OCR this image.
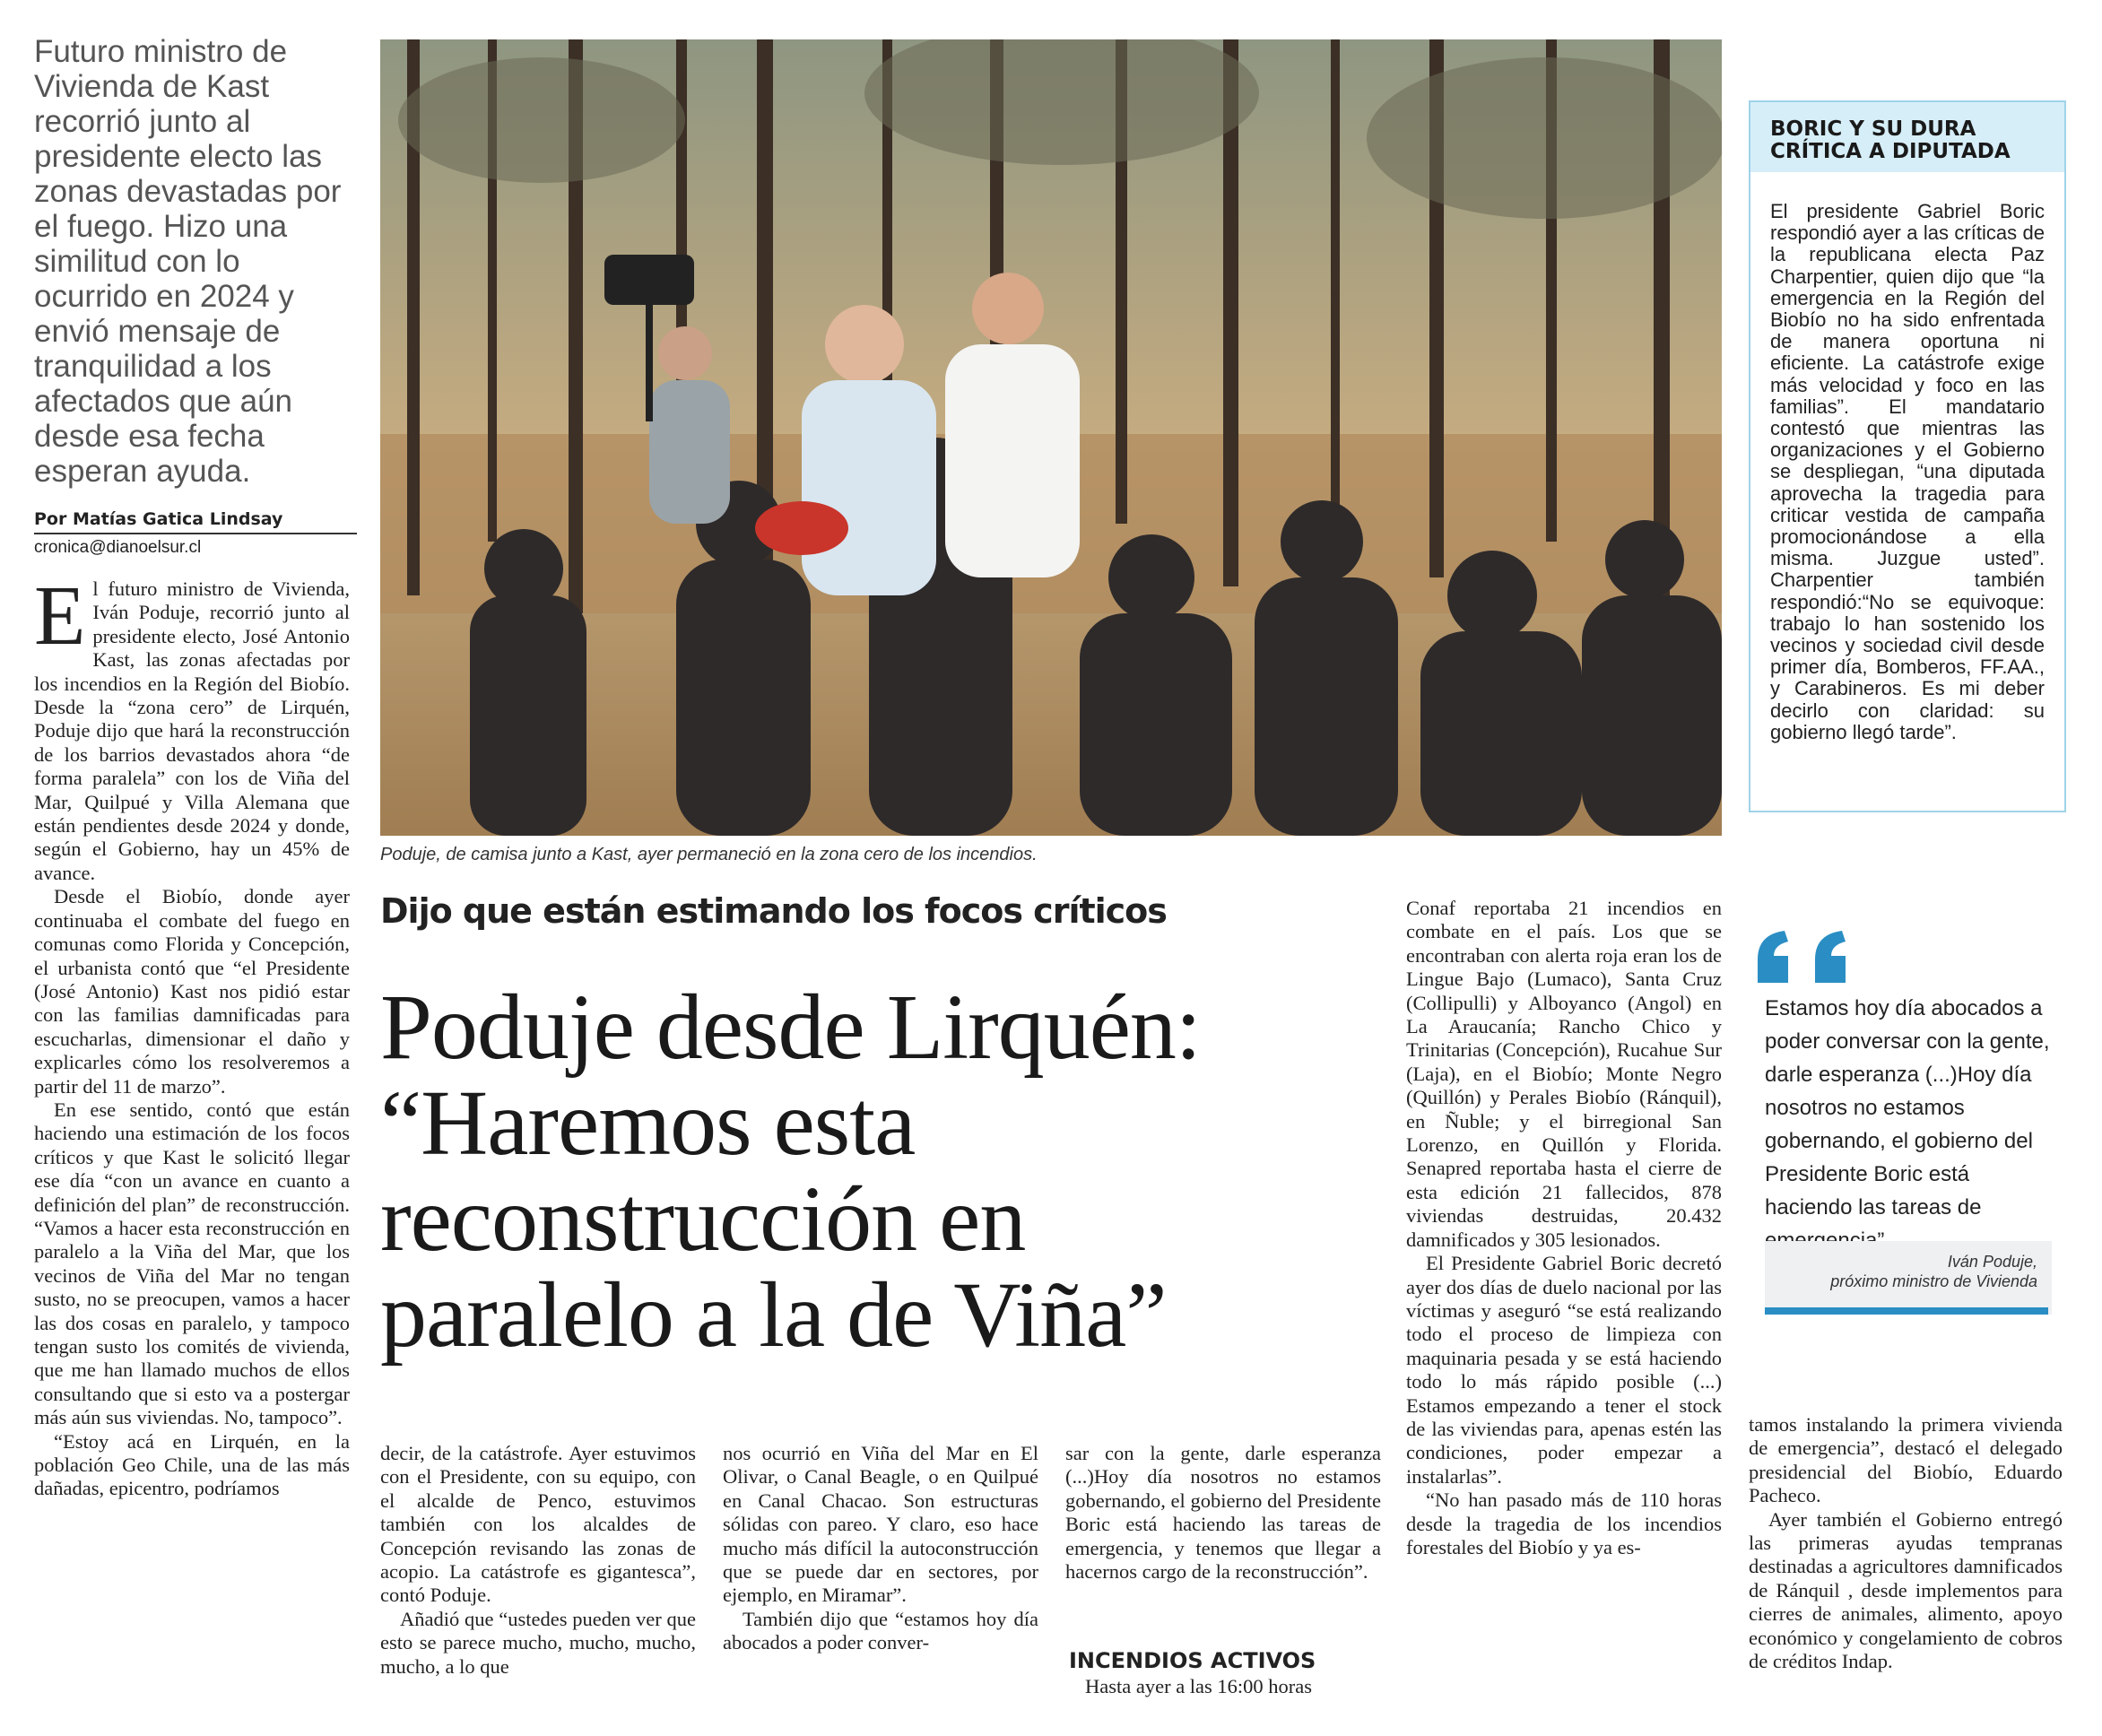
Futuro ministro de Vivienda de Kast recorrió junto al presidente electo las zonas devastadas por el fuego. Hizo una similitud con lo ocurrido en 2024 y envió mensaje de tranquilidad a los afectados que aún desde esa fecha esperan ayuda.
Por Matías Gatica Lindsay
cronica@dianoelsur.cl

El futuro ministro de Vivienda, Iván Poduje, recorrió junto al presidente electo, José Antonio Kast, las zonas afectadas por los incendios en la Región del Biobío. Desde la “zona cero” de Lirquén, Poduje dijo que hará la reconstrucción de los barrios devastados ahora “de forma paralela” con los de Viña del Mar, Quilpué y Villa Alemana que están pendientes desde 2024 y donde, según el Gobierno, hay un 45% de avance.

Desde el Biobío, donde ayer continuaba el combate del fuego en comunas como Florida y Concepción, el urbanista contó que “el Presidente (José Antonio) Kast nos pidió estar con las familias damnificadas para escucharlas, dimensionar el daño y explicarles cómo los resolveremos a partir del 11 de marzo”.

En ese sentido, contó que están haciendo una estimación de los focos críticos y que Kast le solicitó llegar ese día “con un avance en cuanto a definición del plan” de reconstrucción. “Vamos a hacer esta reconstrucción en paralelo a la Viña del Mar, que los vecinos de Viña del Mar no tengan susto, no se preocupen, vamos a hacer las dos cosas en paralelo, y tampoco tengan susto los comités de vivienda, que me han llamado muchos de ellos consultando que si esto va a postergar más aún sus viviendas. No, tampoco”.

“Estoy acá en Lirquén, en la población Geo Chile, una de las más dañadas, epicentro, podríamos

Poduje, de camisa junto a Kast, ayer permaneció en la zona cero de los incendios.
BORIC Y SU DURA
CRÍTICA A DIPUTADA
El presidente Gabriel Boric respondió ayer a las críticas de la republicana electa Paz Charpentier, quien dijo que “la emergencia en la Región del Biobío no ha sido enfrentada de manera oportuna ni eficiente. La catástrofe exige más velocidad y foco en las familias”. El mandatario contestó que mientras las organizaciones y el Gobierno se despliegan, “una diputada aprovecha la tragedia para criticar vestida de campaña promocionándose a ella misma. Juzgue usted”. Charpentier también respondió:“No se equivoque: trabajo lo han sostenido los vecinos y sociedad civil desde primer día, Bomberos, FF.AA., y Carabineros. Es mi deber decirlo con claridad: su gobierno llegó tarde”.
Dijo que están estimando los focos críticos
Poduje desde Lirquén:
“Haremos esta
reconstrucción en
paralelo a la de Viña”

decir, de la catástrofe. Ayer estuvimos con el Presidente, con su equipo, con el alcalde de Penco, estuvimos también con los alcaldes de Concepción revisando las zonas de acopio. La catástrofe es gigantesca”, contó Poduje.

Añadió que “ustedes pueden ver que esto se parece mucho, mucho, mucho, mucho, a lo que

nos ocurrió en Viña del Mar en El Olivar, o Canal Beagle, o en Quilpué en Canal Chacao. Son estructuras sólidas con pareo. Y claro, eso hace mucho más difícil la autoconstrucción que se puede dar en sectores, por ejemplo, en Miramar”.

También dijo que “estamos hoy día abocados a poder conver-

sar con la gente, darle esperanza (...)Hoy día nosotros no estamos gobernando, el gobierno del Presidente Boric está haciendo las tareas de emergencia, y tenemos que llegar a hacernos cargo de la reconstrucción”.

INCENDIOS ACTIVOS

Hasta ayer a las 16:00 horas

Conaf reportaba 21 incendios en combate en el país. Los que se encontraban con alerta roja eran los de Lingue Bajo (Lumaco), Santa Cruz (Collipulli) y Alboyanco (Angol) en La Araucanía; Rancho Chico y Trinitarias (Concepción), Rucahue Sur (Laja), en el Biobío; Monte Negro (Quillón) y Perales Biobío (Ránquil), en Ñuble; y el birregional San Lorenzo, en Quillón y Florida. Senapred reportaba hasta el cierre de esta edición 21 fallecidos, 878 viviendas destruidas, 20.432 damnificados y 305 lesionados.

El Presidente Gabriel Boric decretó ayer dos días de duelo nacional por las víctimas y aseguró “se está realizando todo el proceso de limpieza con maquinaria pesada y se está haciendo todo lo más rápido posible (...) Estamos empezando a tener el stock de las viviendas para, apenas estén las condiciones, poder empezar a instalarlas”.

“No han pasado más de 110 horas desde la tragedia de los incendios forestales del Biobío y ya es-

Estamos hoy día abocados a poder conversar con la gente, darle esperanza (...)Hoy día nosotros no estamos gobernando, el gobierno del Presidente Boric está haciendo las tareas de
Iván Poduje,
próximo ministro de Vivienda

tamos instalando la primera vivienda de emergencia”, destacó el delegado presidencial del Biobío, Eduardo Pacheco.

Ayer también el Gobierno entregó las primeras ayudas tempranas destinadas a agricultores damnificados de Ránquil , desde implementos para cierres de animales, alimento, apoyo económico y congelamiento de cobros de créditos Indap.
